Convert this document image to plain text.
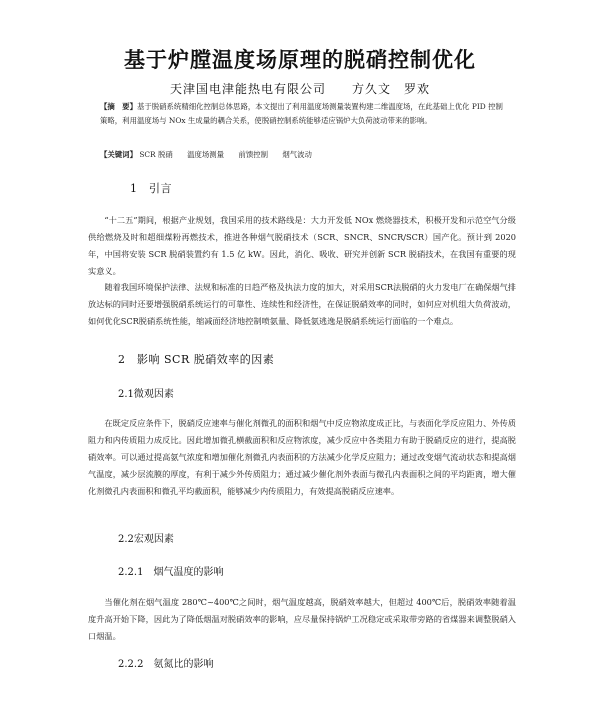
基于炉膛温度场原理的脱硝控制优化
天津国电津能热电有限公司　　方久文　罗欢
【摘　要】基于脱硝系统精细化控制总体思路，本文提出了利用温度场测量装置构建二维温度场，在此基础上优化 PID 控制策略，利用温度场与 NOx 生成量的耦合关系，使脱硝控制系统能够适应锅炉大负荷波动带来的影响。
【关键词】 SCR 脱硝 温度场测量 前馈控制 烟气波动
1　引言
“十二五”期间，根据产业规划，我国采用的技术路线是：大力开发低 NOx 燃烧器技术，积极开发和示范空气分级供给燃烧及时和超细煤粉再燃技术，推进各种烟气脱硝技术（SCR、SNCR、SNCR/SCR）国产化。预计到 2020 年，中国将安装 SCR 脱硝装置约有 1.5 亿 kW。因此，消化、吸收、研究并创新 SCR 脱硝技术，在我国有重要的现实意义。
随着我国环境保护法律、法规和标准的日趋严格及执法力度的加大，对采用SCR法脱硝的火力发电厂在确保烟气排放达标的同时还要增强脱硝系统运行的可靠性、连续性和经济性，在保证脱硝效率的同时，如何应对机组大负荷波动，如何优化SCR脱硝系统性能，缩减面经济地控制喷氨量、降低氨逃逸是脱硝系统运行面临的一个难点。
2　影响 SCR 脱硝效率的因素
2.1微观因素
在既定反应条件下，脱硝反应速率与催化剂微孔的面积和烟气中反应物浓度成正比，与表面化学反应阻力、外传质阻力和内传质阻力成反比。因此增加微孔横截面积和反应物浓度，减少反应中各类阻力有助于脱硝反应的进行，提高脱硝效率。可以通过提高氨气浓度和增加催化剂微孔内表面积的方法减少化学反应阻力；通过改变烟气流动状态和提高烟气温度，减少层流膜的厚度，有利于减少外传质阻力；通过减少催化剂外表面与微孔内表面积之间的平均距离，增大催化剂微孔内表面积和微孔平均截面积，能够减少内传质阻力，有效提高脱硝反应速率。
2.2宏观因素
2.2.1　烟气温度的影响
当催化剂在烟气温度 280℃~400℃之间时，烟气温度越高，脱硝效率越大，但超过 400℃后，脱硝效率随着温度升高开始下降，因此为了降低烟温对脱硝效率的影响，应尽量保持锅炉工况稳定或采取带旁路的省煤器来调整脱硝入口烟温。
2.2.2　氨氮比的影响
